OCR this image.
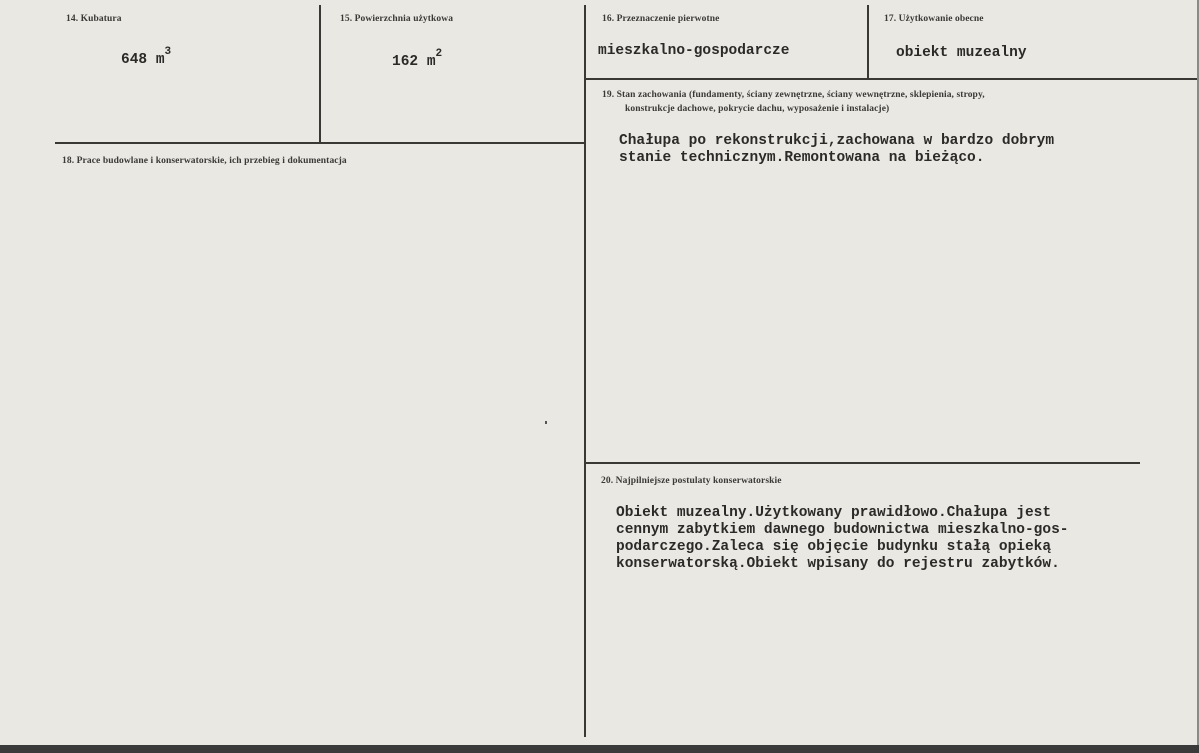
14. Kubatura
648 $m^3$
15. Powierzchnia użytkowa
162 $m^2$
16. Przeznaczenie pierwotne
mieszkalno-gospodarcze
17. Użytkowanie obecne
obiekt muzealny
18. Prace budowlane i konserwatorskie, ich przebieg i dokumentacja
19. Stan zachowania (fundamenty, ściany zewnętrzne, ściany wewnętrzne, sklepienia, stropy,
konstrukcje dachowe, pokrycie dachu, wyposażenie i instalacje)
Chałupa po rekonstrukcji,zachowana w bardzo dobrym
stanie technicznym.Remontowana na bieżąco.
20. Najpilniejsze postulaty konserwatorskie
Obiekt muzealny.Użytkowany prawidłowo.Chałupa jest
cennym zabytkiem dawnego budownictwa mieszkalno-gos-
podarczego.Zaleca się objęcie budynku stałą opieką
konserwatorską.Obiekt wpisany do rejestru zabytków.
